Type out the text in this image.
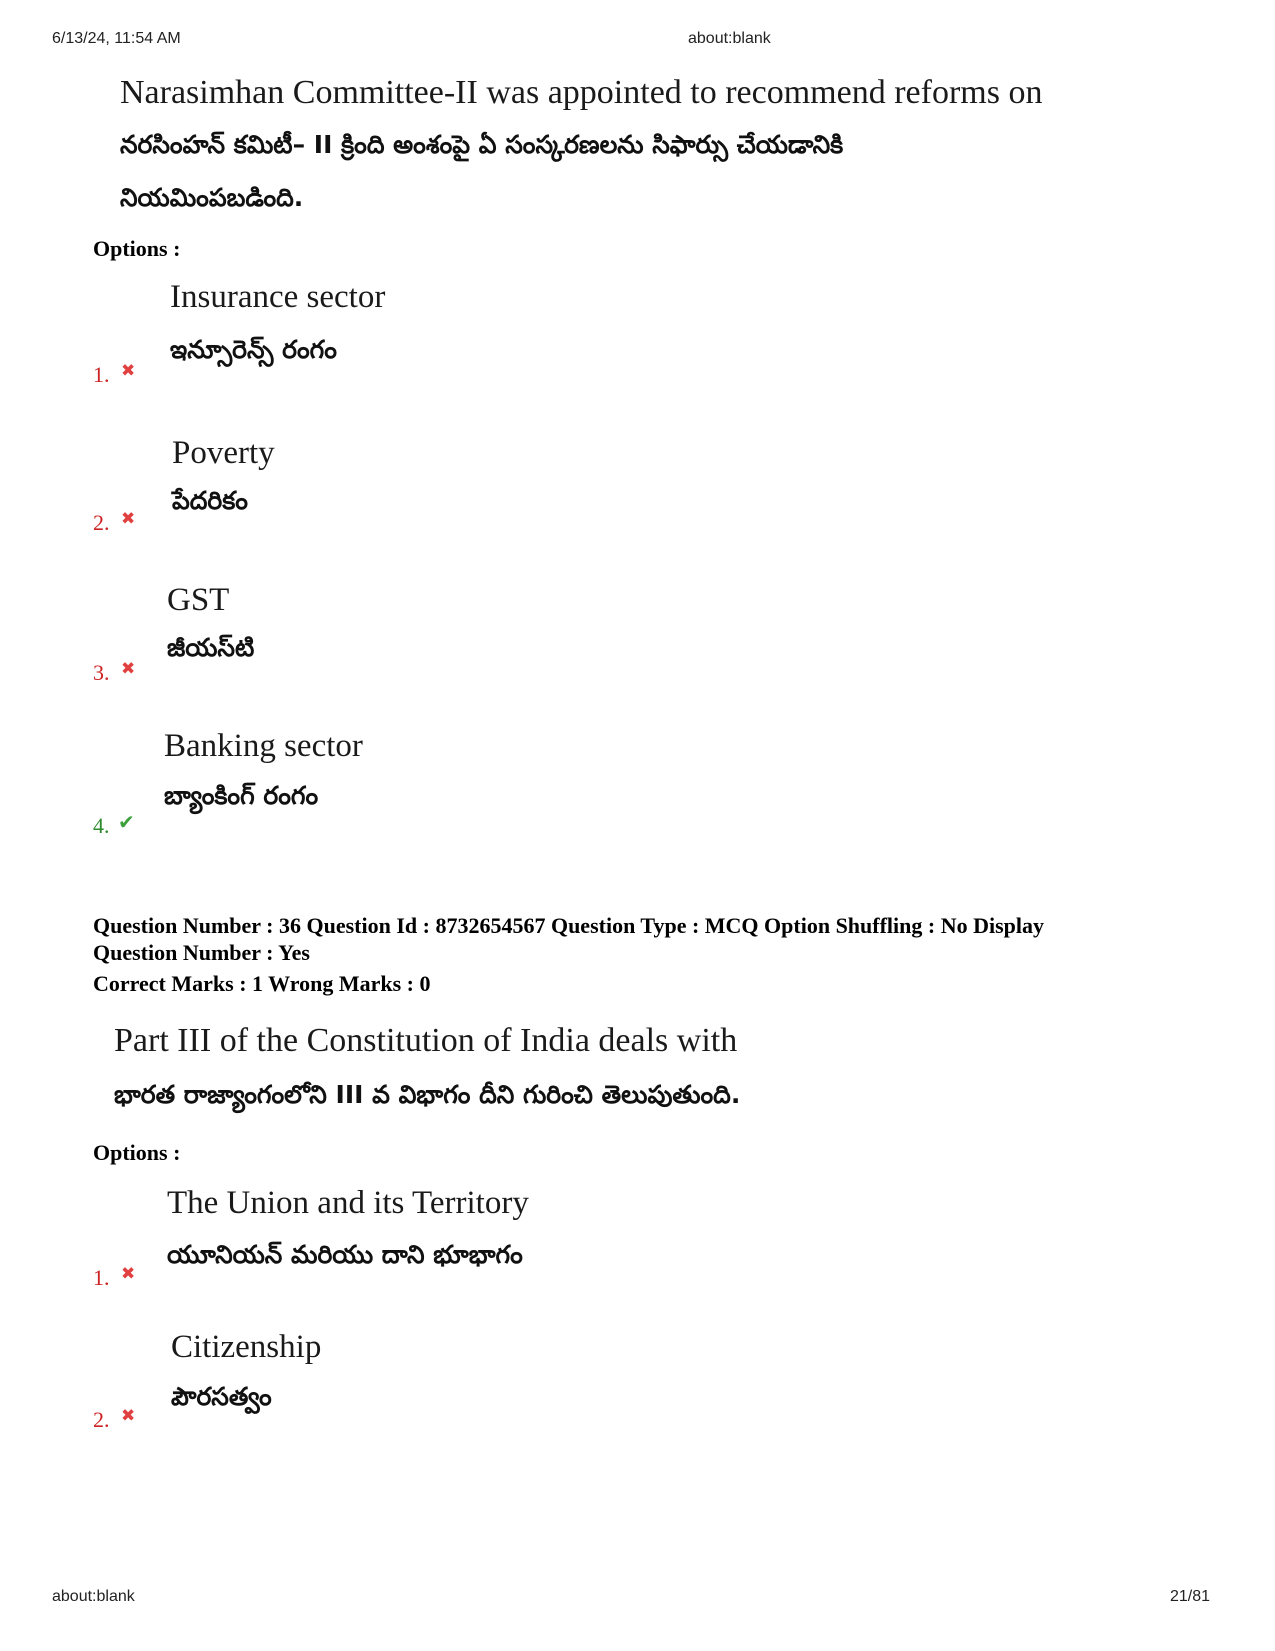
6/13/24, 11:54 AM	about:blank
Narasimhan Committee-II was appointed to recommend reforms on
నరసింహన్ కమిటీ– II క్రింది అంశంపై ఏ సంస్కరణలను సిఫార్సు చేయడానికి
నియమింపబడింది.
Options :
Insurance sector
ఇన్సూరెన్స్ రంగం
1. ✖
Poverty
పేదరికం
2. ✖
GST
జీయస్‌టి
3. ✖
Banking sector
బ్యాంకింగ్ రంగం
4. ✔
Question Number : 36 Question Id : 8732654567 Question Type : MCQ Option Shuffling : No Display
Question Number : Yes
Correct Marks : 1 Wrong Marks : 0
Part III of the Constitution of India deals with
భారత రాజ్యాంగంలోని III వ విభాగం దీని గురించి తెలుపుతుంది.
Options :
The Union and its Territory
యూనియన్ మరియు దాని భూభాగం
1. ✖
Citizenship
పౌరసత్వం
2. ✖
about:blank	21/81
